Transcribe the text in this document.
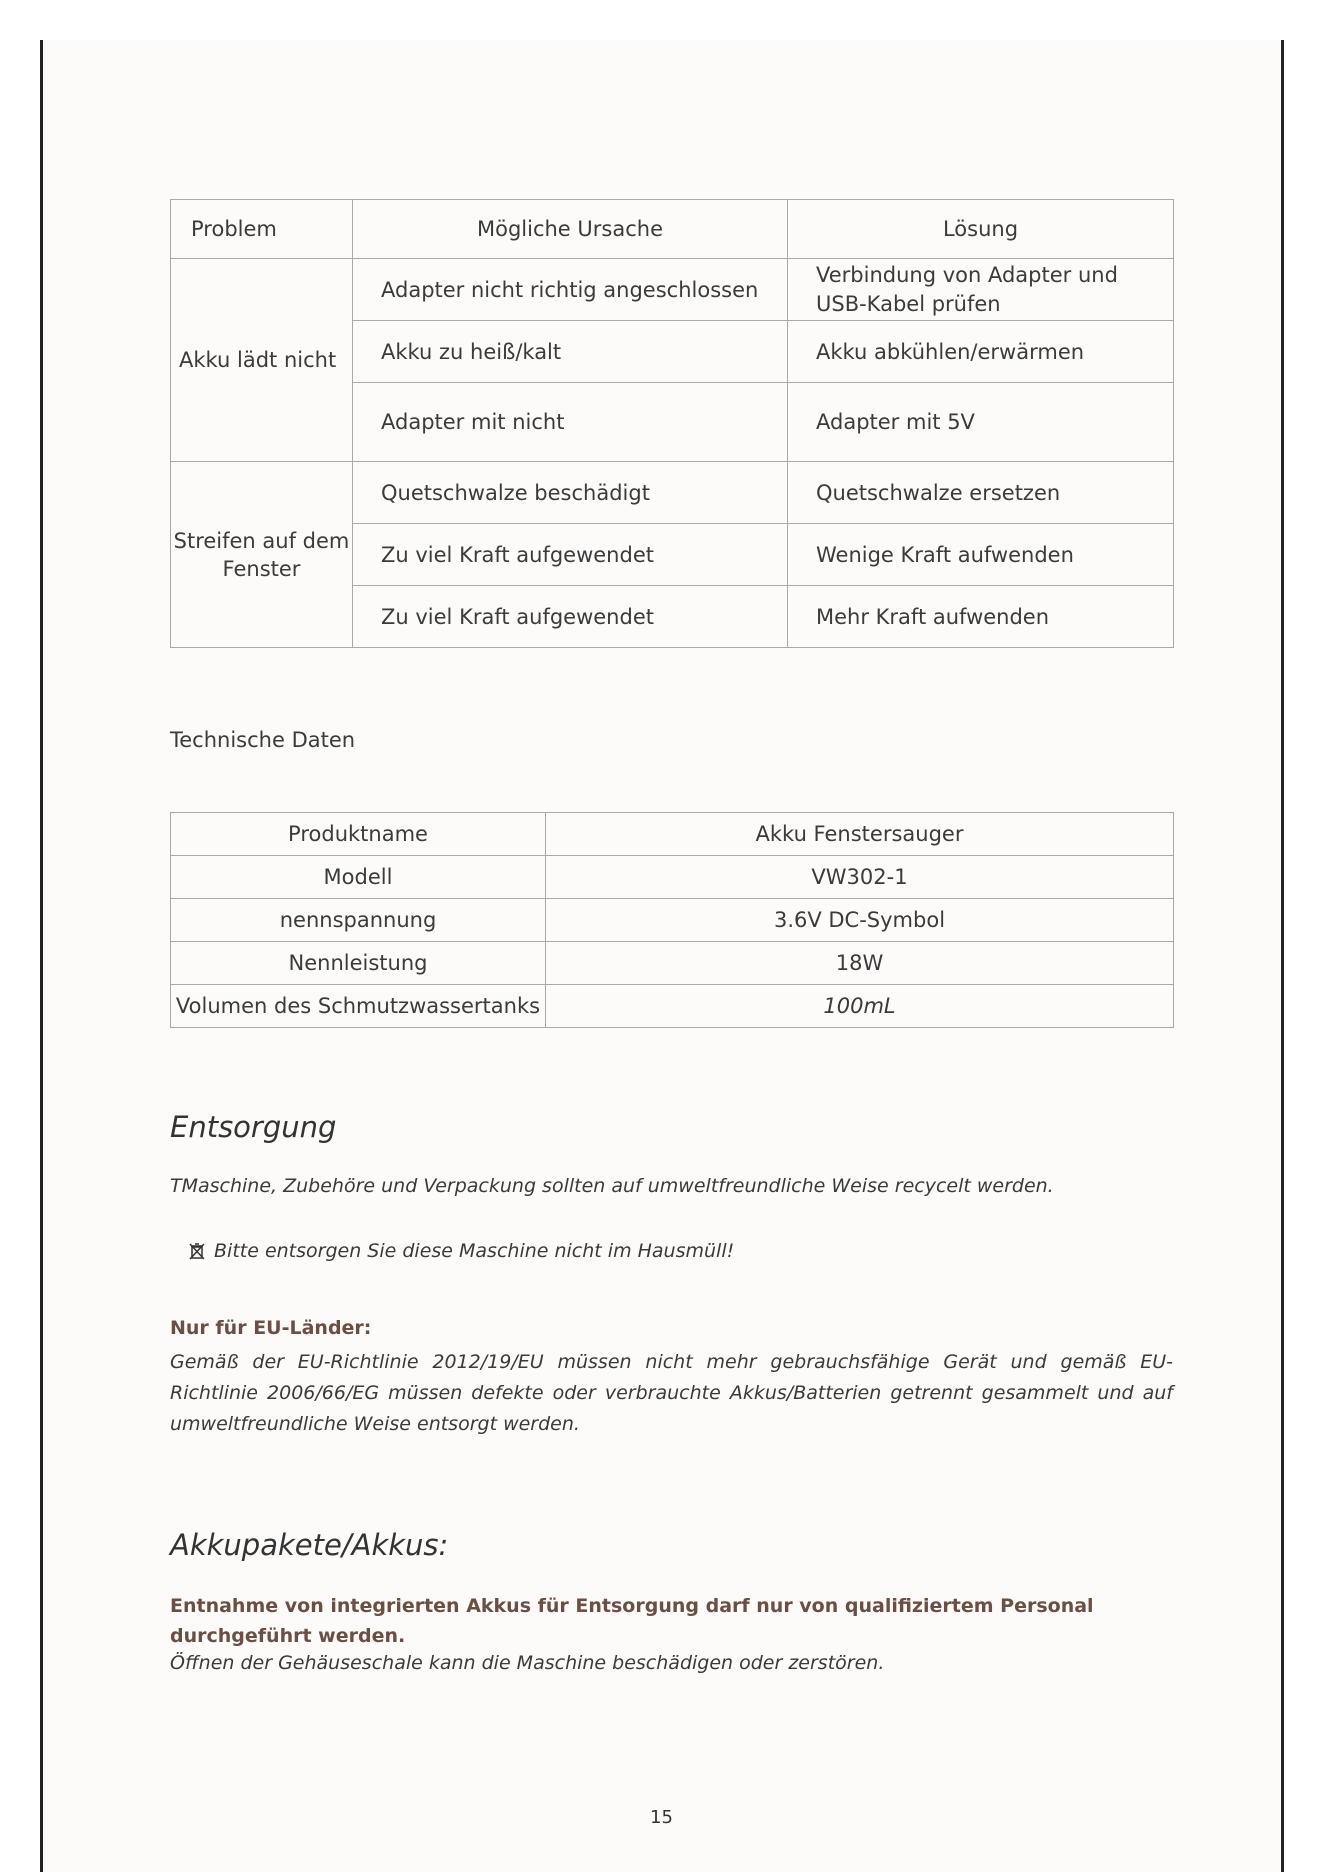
Problem	Mögliche Ursache	Lösung
Akku lädt nicht	Adapter nicht richtig angeschlossen	Verbindung von Adapter und USB-Kabel prüfen
	Akku zu heiß/kalt	Akku abkühlen/erwärmen
	Adapter mit nicht	Adapter mit 5V
Streifen auf dem Fenster	Quetschwalze beschädigt	Quetschwalze ersetzen
	Zu viel Kraft aufgewendet	Wenige Kraft aufwenden
	Zu viel Kraft aufgewendet	Mehr Kraft aufwenden
Technische Daten
Produktname	Akku Fenstersauger
Modell	VW302-1
nennspannung	3.6V DC-Symbol
Nennleistung	18W
Volumen des Schmutzwassertanks	100mL
Entsorgung
TMaschine, Zubehöre und Verpackung sollten auf umweltfreundliche Weise recycelt werden.
Bitte entsorgen Sie diese Maschine nicht im Hausmüll!
Nur für EU-Länder:
Gemäß der EU-Richtlinie 2012/19/EU müssen nicht mehr gebrauchsfähige Gerät und gemäß EU-Richtlinie 2006/66/EG müssen defekte oder verbrauchte Akkus/Batterien getrennt gesammelt und auf umweltfreundliche Weise entsorgt werden.
Akkupakete/Akkus:
Entnahme von integrierten Akkus für Entsorgung darf nur von qualifiziertem Personal durchgeführt werden.
Öffnen der Gehäuseschale kann die Maschine beschädigen oder zerstören.
15
